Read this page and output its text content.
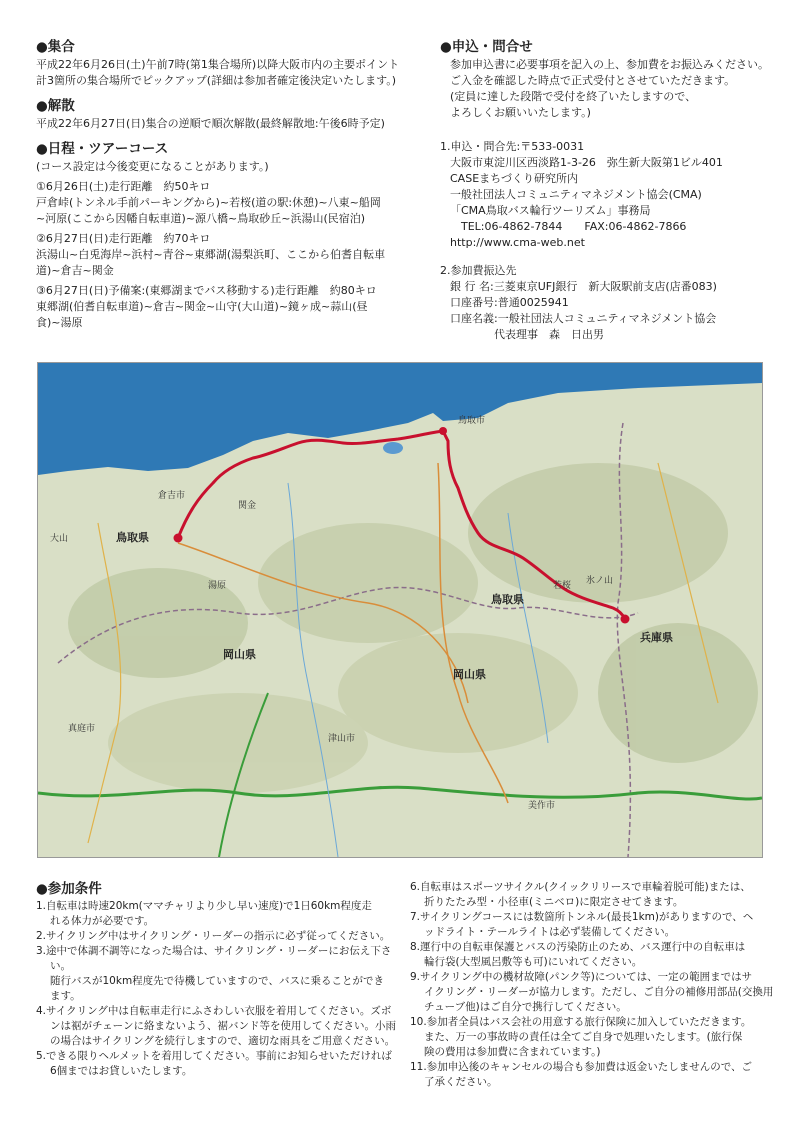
● 集合

平成22年6月26日(土)午前7時(第1集合場所)以降大阪市内の主要ポイント
計3箇所の集合場所でピックアップ(詳細は参加者確定後決定いたします。)

● 解散

平成22年6月27日(日)集合の逆順で順次解散(最終解散地:午後6時予定)

● 日程・ツアーコース

(コース設定は今後変更になることがあります。)

①6月26日(土)走行距離　約50キロ

戸倉峠(トンネル手前パーキングから)~若桜(道の駅:休憩)~八東~船岡
~河原(ここから因幡自転車道)~源八橋~鳥取砂丘~浜湯山(民宿泊)

②6月27日(日)走行距離　約70キロ

浜湯山~白兎海岸~浜村~青谷~東郷湖(湯梨浜町、ここから伯耆自転車
道)~倉吉~関金

③6月27日(日)予備案:(東郷湖までバス移動する)走行距離　約80キロ

東郷湖(伯耆自転車道)~倉吉~関金~山守(大山道)~鏡ヶ成~蒜山(昼
食)~湯原

● 申込・問合せ

参加申込書に必要事項を記入の上、参加費をお振込みください。
ご入金を確認した時点で正式受付とさせていただきます。
(定員に達した段階で受付を終了いたしますので、
よろしくお願いいたします。)

1.申込・問合先:〒533-0031

大阪市東淀川区西淡路1-3-26　弥生新大阪第1ビル401
CASEまちづくり研究所内
一般社団法人コミュニティマネジメント協会(CMA)
「CMA鳥取バス輪行ツーリズム」事務局
　TEL:06-4862-7844　　FAX:06-4862-7866
http://www.cma-web.net

2.参加費振込先

銀 行 名:三菱東京UFJ銀行　新大阪駅前支店(店番083)
口座番号:普通0025941
口座名義:一般社団法人コミュニティマネジメント協会
　　　　代表理事　森　日出男

鳥取県
鳥取県
岡山県
岡山県
兵庫県
倉吉市
津山市
関金
湯原
美作市
若桜
大山
氷ノ山
真庭市
鳥取市
● 参加条件

1.自転車は時速20km(ママチャリより少し早い速度)で1日60km程度走
れる体力が必要です。

2.サイクリング中はサイクリング・リーダーの指示に必ず従ってください。

3.途中で体調不調等になった場合は、サイクリング・リーダーにお伝え下さ
い。
随行バスが10km程度先で待機していますので、バスに乗ることができ
ます。

4.サイクリング中は自転車走行にふさわしい衣服を着用してください。ズボ
ンは裾がチェーンに絡まないよう、裾バンド等を使用してください。小雨
の場合はサイクリングを続行しますので、適切な雨具をご用意ください。

5.できる限りヘルメットを着用してください。事前にお知らせいただければ
6個まではお貸しいたします。

6.自転車はスポーツサイクル(クイックリリースで車輪着脱可能)または、
折りたたみ型・小径車(ミニベロ)に限定させてきます。

7.サイクリングコースには数箇所トンネル(最長1km)がありますので、ヘ
ッドライト・テールライトは必ず装備してください。

8.運行中の自転車保護とバスの汚染防止のため、バス運行中の自転車は
輪行袋(大型風呂敷等も可)にいれてください。

9.サイクリング中の機材故障(パンク等)については、一定の範囲まではサ
イクリング・リーダーが協力します。ただし、ご自分の補修用部品(交換用
チューブ他)はご自分で携行してください。

10.参加者全員はバス会社の用意する旅行保険に加入していただきます。
また、万一の事故時の責任は全てご自身で処理いたします。(旅行保
険の費用は参加費に含まれています。)

11.参加申込後のキャンセルの場合も参加費は返金いたしませんので、ご
了承ください。
